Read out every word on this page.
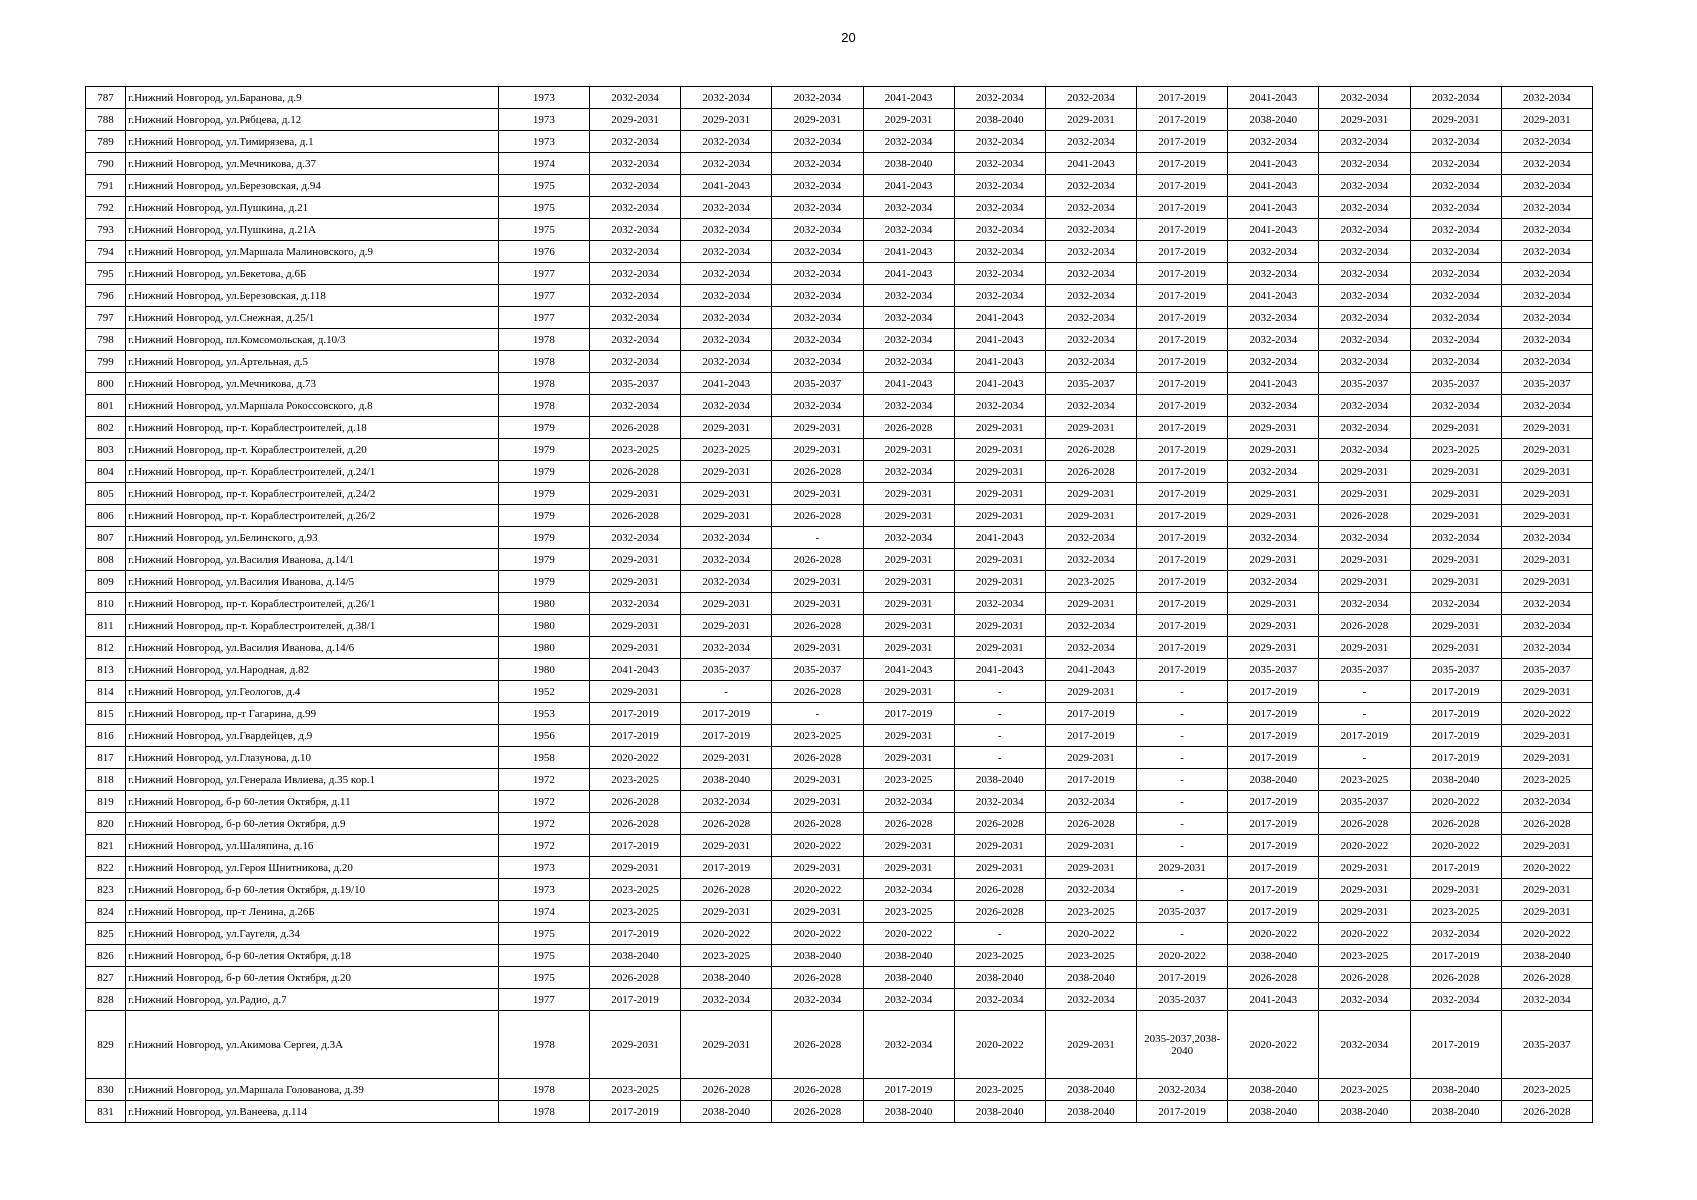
20
787	г.Нижний Новгород, ул.Баранова, д.9	1973	2032-2034	2032-2034	2032-2034	2041-2043	2032-2034	2032-2034	2017-2019	2041-2043	2032-2034	2032-2034	2032-2034
788	г.Нижний Новгород, ул.Рябцева, д.12	1973	2029-2031	2029-2031	2029-2031	2029-2031	2038-2040	2029-2031	2017-2019	2038-2040	2029-2031	2029-2031	2029-2031
789	г.Нижний Новгород, ул.Тимирязева, д.1	1973	2032-2034	2032-2034	2032-2034	2032-2034	2032-2034	2032-2034	2017-2019	2032-2034	2032-2034	2032-2034	2032-2034
790	г.Нижний Новгород, ул.Мечникова, д.37	1974	2032-2034	2032-2034	2032-2034	2038-2040	2032-2034	2041-2043	2017-2019	2041-2043	2032-2034	2032-2034	2032-2034
791	г.Нижний Новгород, ул.Березовская, д.94	1975	2032-2034	2041-2043	2032-2034	2041-2043	2032-2034	2032-2034	2017-2019	2041-2043	2032-2034	2032-2034	2032-2034
792	г.Нижний Новгород, ул.Пушкина, д.21	1975	2032-2034	2032-2034	2032-2034	2032-2034	2032-2034	2032-2034	2017-2019	2041-2043	2032-2034	2032-2034	2032-2034
793	г.Нижний Новгород, ул.Пушкина, д.21А	1975	2032-2034	2032-2034	2032-2034	2032-2034	2032-2034	2032-2034	2017-2019	2041-2043	2032-2034	2032-2034	2032-2034
794	г.Нижний Новгород, ул.Маршала Малиновского, д.9	1976	2032-2034	2032-2034	2032-2034	2041-2043	2032-2034	2032-2034	2017-2019	2032-2034	2032-2034	2032-2034	2032-2034
795	г.Нижний Новгород, ул.Бекетова, д.6Б	1977	2032-2034	2032-2034	2032-2034	2041-2043	2032-2034	2032-2034	2017-2019	2032-2034	2032-2034	2032-2034	2032-2034
796	г.Нижний Новгород, ул.Березовская, д.118	1977	2032-2034	2032-2034	2032-2034	2032-2034	2032-2034	2032-2034	2017-2019	2041-2043	2032-2034	2032-2034	2032-2034
797	г.Нижний Новгород, ул.Снежная, д.25/1	1977	2032-2034	2032-2034	2032-2034	2032-2034	2041-2043	2032-2034	2017-2019	2032-2034	2032-2034	2032-2034	2032-2034
798	г.Нижний Новгород, пл.Комсомольская, д.10/3	1978	2032-2034	2032-2034	2032-2034	2032-2034	2041-2043	2032-2034	2017-2019	2032-2034	2032-2034	2032-2034	2032-2034
799	г.Нижний Новгород, ул.Артельная, д.5	1978	2032-2034	2032-2034	2032-2034	2032-2034	2041-2043	2032-2034	2017-2019	2032-2034	2032-2034	2032-2034	2032-2034
800	г.Нижний Новгород, ул.Мечникова, д.73	1978	2035-2037	2041-2043	2035-2037	2041-2043	2041-2043	2035-2037	2017-2019	2041-2043	2035-2037	2035-2037	2035-2037
801	г.Нижний Новгород, ул.Маршала Рокоссовского, д.8	1978	2032-2034	2032-2034	2032-2034	2032-2034	2032-2034	2032-2034	2017-2019	2032-2034	2032-2034	2032-2034	2032-2034
802	г.Нижний Новгород, пр-т. Кораблестроителей, д.18	1979	2026-2028	2029-2031	2029-2031	2026-2028	2029-2031	2029-2031	2017-2019	2029-2031	2032-2034	2029-2031	2029-2031
803	г.Нижний Новгород, пр-т. Кораблестроителей, д.20	1979	2023-2025	2023-2025	2029-2031	2029-2031	2029-2031	2026-2028	2017-2019	2029-2031	2032-2034	2023-2025	2029-2031
804	г.Нижний Новгород, пр-т. Кораблестроителей, д.24/1	1979	2026-2028	2029-2031	2026-2028	2032-2034	2029-2031	2026-2028	2017-2019	2032-2034	2029-2031	2029-2031	2029-2031
805	г.Нижний Новгород, пр-т. Кораблестроителей, д.24/2	1979	2029-2031	2029-2031	2029-2031	2029-2031	2029-2031	2029-2031	2017-2019	2029-2031	2029-2031	2029-2031	2029-2031
806	г.Нижний Новгород, пр-т. Кораблестроителей, д.26/2	1979	2026-2028	2029-2031	2026-2028	2029-2031	2029-2031	2029-2031	2017-2019	2029-2031	2026-2028	2029-2031	2029-2031
807	г.Нижний Новгород, ул.Белинского, д.93	1979	2032-2034	2032-2034	-	2032-2034	2041-2043	2032-2034	2017-2019	2032-2034	2032-2034	2032-2034	2032-2034
808	г.Нижний Новгород, ул.Василия Иванова, д.14/1	1979	2029-2031	2032-2034	2026-2028	2029-2031	2029-2031	2032-2034	2017-2019	2029-2031	2029-2031	2029-2031	2029-2031
809	г.Нижний Новгород, ул.Василия Иванова, д.14/5	1979	2029-2031	2032-2034	2029-2031	2029-2031	2029-2031	2023-2025	2017-2019	2032-2034	2029-2031	2029-2031	2029-2031
810	г.Нижний Новгород, пр-т. Кораблестроителей, д.26/1	1980	2032-2034	2029-2031	2029-2031	2029-2031	2032-2034	2029-2031	2017-2019	2029-2031	2032-2034	2032-2034	2032-2034
811	г.Нижний Новгород, пр-т. Кораблестроителей, д.38/1	1980	2029-2031	2029-2031	2026-2028	2029-2031	2029-2031	2032-2034	2017-2019	2029-2031	2026-2028	2029-2031	2032-2034
812	г.Нижний Новгород, ул.Василия Иванова, д.14/6	1980	2029-2031	2032-2034	2029-2031	2029-2031	2029-2031	2032-2034	2017-2019	2029-2031	2029-2031	2029-2031	2032-2034
813	г.Нижний Новгород, ул.Народная, д.82	1980	2041-2043	2035-2037	2035-2037	2041-2043	2041-2043	2041-2043	2017-2019	2035-2037	2035-2037	2035-2037	2035-2037
814	г.Нижний Новгород, ул.Геологов, д.4	1952	2029-2031	-	2026-2028	2029-2031	-	2029-2031	-	2017-2019	-	2017-2019	2029-2031
815	г.Нижний Новгород, пр-т Гагарина, д.99	1953	2017-2019	2017-2019	-	2017-2019	-	2017-2019	-	2017-2019	-	2017-2019	2020-2022
816	г.Нижний Новгород, ул.Гвардейцев, д.9	1956	2017-2019	2017-2019	2023-2025	2029-2031	-	2017-2019	-	2017-2019	2017-2019	2017-2019	2029-2031
817	г.Нижний Новгород, ул.Глазунова, д.10	1958	2020-2022	2029-2031	2026-2028	2029-2031	-	2029-2031	-	2017-2019	-	2017-2019	2029-2031
818	г.Нижний Новгород, ул.Генерала Ивлиева, д.35 кор.1	1972	2023-2025	2038-2040	2029-2031	2023-2025	2038-2040	2017-2019	-	2038-2040	2023-2025	2038-2040	2023-2025
819	г.Нижний Новгород, б-р 60-летия Октября, д.11	1972	2026-2028	2032-2034	2029-2031	2032-2034	2032-2034	2032-2034	-	2017-2019	2035-2037	2020-2022	2032-2034
820	г.Нижний Новгород, б-р 60-летия Октября, д.9	1972	2026-2028	2026-2028	2026-2028	2026-2028	2026-2028	2026-2028	-	2017-2019	2026-2028	2026-2028	2026-2028
821	г.Нижний Новгород, ул.Шаляпина, д.16	1972	2017-2019	2029-2031	2020-2022	2029-2031	2029-2031	2029-2031	-	2017-2019	2020-2022	2020-2022	2029-2031
822	г.Нижний Новгород, ул.Героя Шнитникова, д.20	1973	2029-2031	2017-2019	2029-2031	2029-2031	2029-2031	2029-2031	2029-2031	2017-2019	2029-2031	2017-2019	2020-2022
823	г.Нижний Новгород, б-р 60-летия Октября, д.19/10	1973	2023-2025	2026-2028	2020-2022	2032-2034	2026-2028	2032-2034	-	2017-2019	2029-2031	2029-2031	2029-2031
824	г.Нижний Новгород, пр-т Ленина, д.26Б	1974	2023-2025	2029-2031	2029-2031	2023-2025	2026-2028	2023-2025	2035-2037	2017-2019	2029-2031	2023-2025	2029-2031
825	г.Нижний Новгород, ул.Гаугеля, д.34	1975	2017-2019	2020-2022	2020-2022	2020-2022	-	2020-2022	-	2020-2022	2020-2022	2032-2034	2020-2022
826	г.Нижний Новгород, б-р 60-летия Октября, д.18	1975	2038-2040	2023-2025	2038-2040	2038-2040	2023-2025	2023-2025	2020-2022	2038-2040	2023-2025	2017-2019	2038-2040
827	г.Нижний Новгород, б-р 60-летия Октября, д.20	1975	2026-2028	2038-2040	2026-2028	2038-2040	2038-2040	2038-2040	2017-2019	2026-2028	2026-2028	2026-2028	2026-2028
828	г.Нижний Новгород, ул.Радио, д.7	1977	2017-2019	2032-2034	2032-2034	2032-2034	2032-2034	2032-2034	2035-2037	2041-2043	2032-2034	2032-2034	2032-2034
829	г.Нижний Новгород, ул.Акимова Сергея, д.3А	1978	2029-2031	2029-2031	2026-2028	2032-2034	2020-2022	2029-2031	2035-2037,2038-2040	2020-2022	2032-2034	2017-2019	2035-2037
830	г.Нижний Новгород, ул.Маршала Голованова, д.39	1978	2023-2025	2026-2028	2026-2028	2017-2019	2023-2025	2038-2040	2032-2034	2038-2040	2023-2025	2038-2040	2023-2025
831	г.Нижний Новгород, ул.Ванеева, д.114	1978	2017-2019	2038-2040	2026-2028	2038-2040	2038-2040	2038-2040	2017-2019	2038-2040	2038-2040	2038-2040	2026-2028
